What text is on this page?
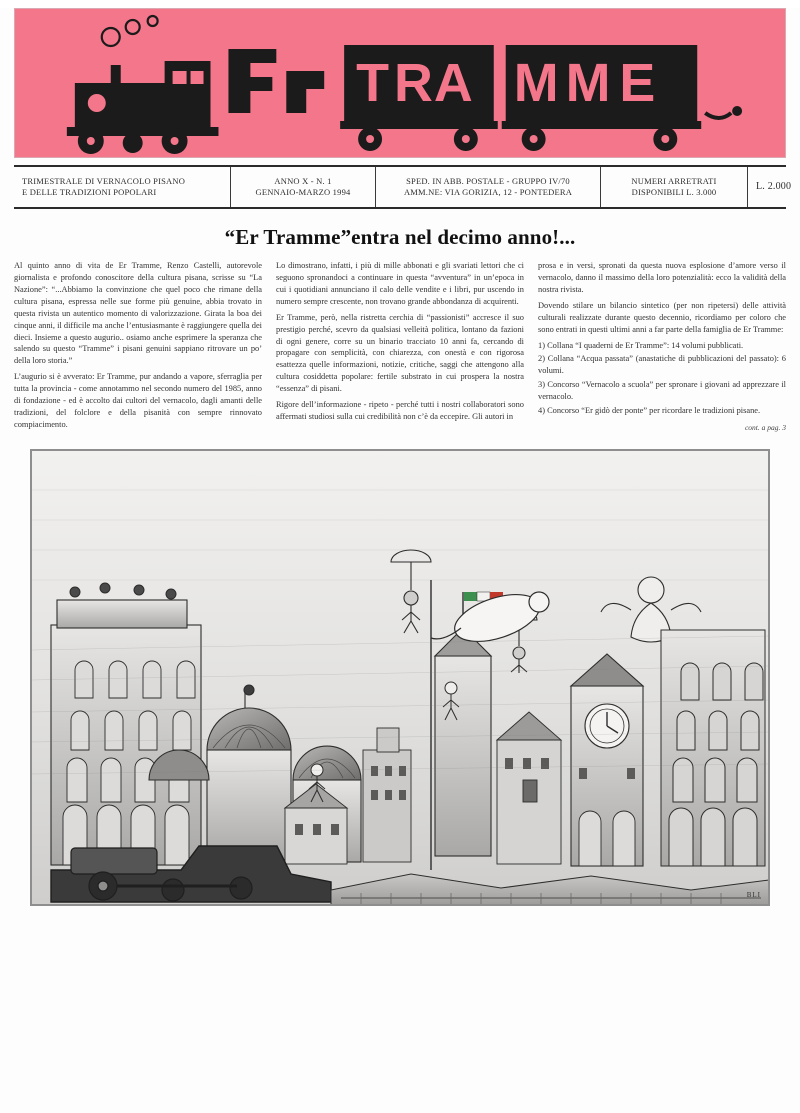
T R A M M E
TRIMESTRALE DI VERNACOLO PISANO
E DELLE TRADIZIONI POPOLARI
ANNO X - N. 1
GENNAIO-MARZO 1994
SPED. IN ABB. POSTALE - GRUPPO IV/70
AMM.NE: VIA GORIZIA, 12 - PONTEDERA
NUMERI ARRETRATI
DISPONIBILI L. 3.000	L. 2.000
“Er Tramme”entra nel decimo anno!...

Al quinto anno di vita de Er Tramme, Renzo Castelli, autorevole giornalista e profondo conoscitore della cultura pisana, scrisse su “La Nazione”: “...Abbiamo la convinzione che quel poco che rimane della cultura pisana, espressa nelle sue forme più genuine, abbia trovato in questa rivista un autentico momento di valorizzazione. Girata la boa dei cinque anni, il difficile ma anche l’entusiasmante è raggiungere quella dei dieci. Insieme a questo augurio.. osiamo anche esprimere la speranza che salendo su questo “Tramme” i pisani genuini sappiano ritrovare un po’ della loro storia.”

L’augurio si è avverato: Er Tramme, pur andando a vapore, sferraglia per tutta la provincia - come annotammo nel secondo numero del 1985, anno di fondazione - ed è accolto dai cultori del vernacolo, dagli amanti delle tradizioni, del folclore e della pisanità con sempre rinnovato compiacimento.

Lo dimostrano, infatti, i più di mille abbonati e gli svariati lettori che ci seguono spronandoci a continuare in questa “avventura” in un’epoca in cui i quotidiani annunciano il calo delle vendite e i libri, pur uscendo in numero sempre crescente, non trovano grande abbondanza di acquirenti.

Er Tramme, però, nella ristretta cerchia di “passionisti” accresce il suo prestigio perché, scevro da qualsiasi velleità politica, lontano da fazioni di ogni genere, corre su un binario tracciato 10 anni fa, cercando di propagare con semplicità, con chiarezza, con onestà e con rigorosa esattezza quelle informazioni, notizie, critiche, saggi che attengono alla cultura cosiddetta popolare: fertile substrato in cui prospera la nostra “essenza” di pisani.

Rigore dell’informazione - ripeto - perché tutti i nostri collaboratori sono affermati studiosi sulla cui credibilità non c’è da eccepire. Gli autori in

prosa e in versi, spronati da questa nuova esplosione d’amore verso il vernacolo, danno il massimo della loro potenzialità: ecco la validità della nostra rivista.

Dovendo stilare un bilancio sintetico (per non ripetersi) delle attività culturali realizzate durante questo decennio, ricordiamo per coloro che sono entrati in questi ultimi anni a far parte della famiglia de Er Tramme:

1) Collana “I quaderni de Er Tramme”: 14 volumi pubblicati.

2) Collana “Acqua passata” (anastatiche di pubblicazioni del passato): 6 volumi.

3) Concorso “Vernacolo a scuola” per spronare i giovani ad apprezzare il vernacolo.

4) Concorso “Er gidò der ponte” per ricordare le tradizioni pisane.

cont. a pag. 3
BLI
